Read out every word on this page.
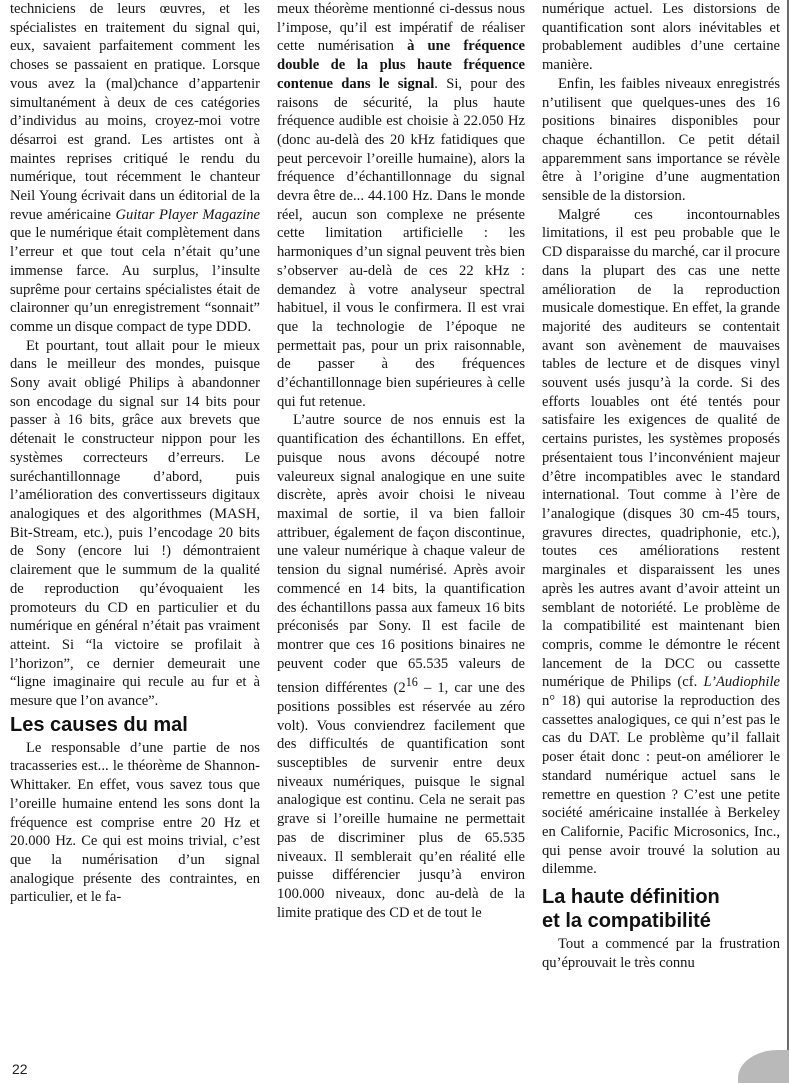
techniciens de leurs œuvres, et les spécialistes en traitement du signal qui, eux, savaient parfaitement comment les choses se passaient en pratique. Lorsque vous avez la (mal)chance d’appartenir simultanément à deux de ces catégories d’individus au moins, croyez-moi votre désarroi est grand. Les artistes ont à maintes reprises critiqué le rendu du numérique, tout récemment le chanteur Neil Young écrivait dans un éditorial de la revue américaine Guitar Player Magazine que le numérique était complètement dans l’erreur et que tout cela n’était qu’une immense farce. Au surplus, l’insulte suprême pour certains spécialistes était de claironner qu’un enregistrement “sonnait” comme un disque compact de type DDD.

Et pourtant, tout allait pour le mieux dans le meilleur des mondes, puisque Sony avait obligé Philips à abandonner son encodage du signal sur 14 bits pour passer à 16 bits, grâce aux brevets que détenait le constructeur nippon pour les systèmes correcteurs d’erreurs. Le suréchantillonnage d’abord, puis l’amélioration des convertisseurs digitaux analogiques et des algorithmes (MASH, Bit-Stream, etc.), puis l’encodage 20 bits de Sony (encore lui !) démontraient clairement que le summum de la qualité de reproduction qu’évoquaient les promoteurs du CD en particulier et du numérique en général n’était pas vraiment atteint. Si “la victoire se profilait à l’horizon”, ce dernier demeurait une “ligne imaginaire qui recule au fur et à mesure que l’on avance”.

Les causes du mal

Le responsable d’une partie de nos tracasseries est... le théorème de Shannon-Whittaker. En effet, vous savez tous que l’oreille humaine entend les sons dont la fréquence est comprise entre 20 Hz et 20.000 Hz. Ce qui est moins trivial, c’est que la numérisation d’un signal analogique présente des contraintes, en particulier, et le fa-

meux théorème mentionné ci-dessus nous l’impose, qu’il est impératif de réaliser cette numérisation à une fréquence double de la plus haute fréquence contenue dans le signal. Si, pour des raisons de sécurité, la plus haute fréquence audible est choisie à 22.050 Hz (donc au-delà des 20 kHz fatidiques que peut percevoir l’oreille humaine), alors la fréquence d’échantillonnage du signal devra être de... 44.100 Hz. Dans le monde réel, aucun son complexe ne présente cette limitation artificielle : les harmoniques d’un signal peuvent très bien s’observer au-delà de ces 22 kHz : demandez à votre analyseur spectral habituel, il vous le confirmera. Il est vrai que la technologie de l’époque ne permettait pas, pour un prix raisonnable, de passer à des fréquences d’échantillonnage bien supérieures à celle qui fut retenue.

L’autre source de nos ennuis est la quantification des échantillons. En effet, puisque nous avons découpé notre valeureux signal analogique en une suite discrète, après avoir choisi le niveau maximal de sortie, il va bien falloir attribuer, également de façon discontinue, une valeur numérique à chaque valeur de tension du signal numérisé. Après avoir commencé en 14 bits, la quantification des échantillons passa aux fameux 16 bits préconisés par Sony. Il est facile de montrer que ces 16 positions binaires ne peuvent coder que 65.535 valeurs de tension différentes ($2^{16} - 1$, car une des positions possibles est réservée au zéro volt). Vous conviendrez facilement que des difficultés de quantification sont susceptibles de survenir entre deux niveaux numériques, puisque le signal analogique est continu. Cela ne serait pas grave si l’oreille humaine ne permettait pas de discriminer plus de 65.535 niveaux. Il semblerait qu’en réalité elle puisse différencier jusqu’à environ 100.000 niveaux, donc au-delà de la limite pratique des CD et de tout le

numérique actuel. Les distorsions de quantification sont alors inévitables et probablement audibles d’une certaine manière.

Enfin, les faibles niveaux enregistrés n’utilisent que quelques-unes des 16 positions binaires disponibles pour chaque échantillon. Ce petit détail apparemment sans importance se révèle être à l’origine d’une augmentation sensible de la distorsion.

Malgré ces incontournables limitations, il est peu probable que le CD disparaisse du marché, car il procure dans la plupart des cas une nette amélioration de la reproduction musicale domestique. En effet, la grande majorité des auditeurs se contentait avant son avènement de mauvaises tables de lecture et de disques vinyl souvent usés jusqu’à la corde. Si des efforts louables ont été tentés pour satisfaire les exigences de qualité de certains puristes, les systèmes proposés présentaient tous l’inconvénient majeur d’être incompatibles avec le standard international. Tout comme à l’ère de l’analogique (disques 30 cm-45 tours, gravures directes, quadriphonie, etc.), toutes ces améliorations restent marginales et disparaissent les unes après les autres avant d’avoir atteint un semblant de notoriété. Le problème de la compatibilité est maintenant bien compris, comme le démontre le récent lancement de la DCC ou cassette numérique de Philips (cf. L’Audiophile n° 18) qui autorise la reproduction des cassettes analogiques, ce qui n’est pas le cas du DAT. Le problème qu’il fallait poser était donc : peut-on améliorer le standard numérique actuel sans le remettre en question ? C’est une petite société américaine installée à Berkeley en Californie, Pacific Microsonics, Inc., qui pense avoir trouvé la solution au dilemme.

La haute définition
et la compatibilité

Tout a commencé par la frustration qu’éprouvait le très connu

22
